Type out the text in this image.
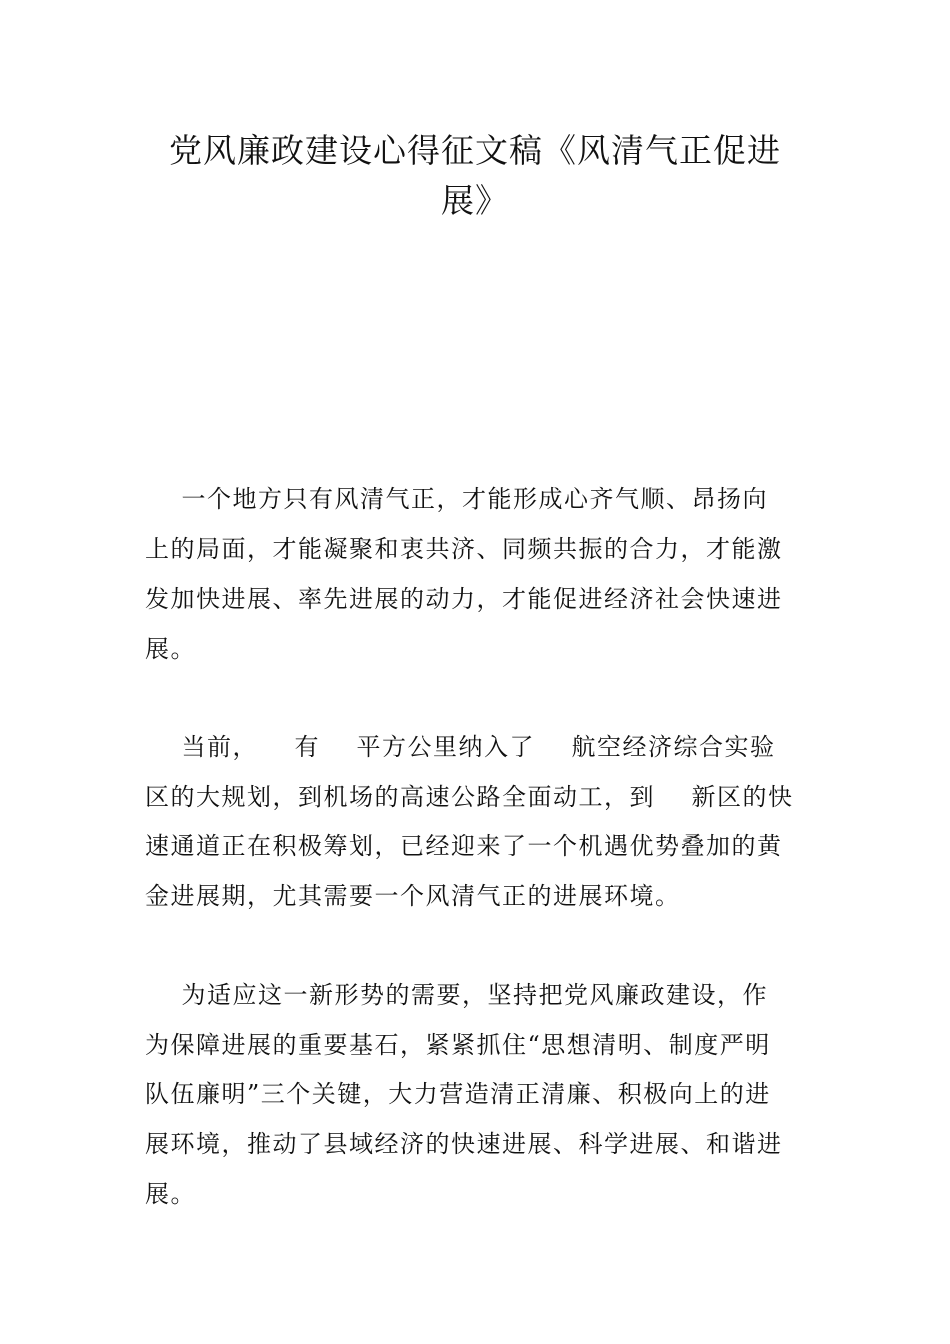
党风廉政建设心得征文稿《风清气正促进
展》
一个地方只有风清气正，才能形成心齐气顺、昂扬向
上的局面，才能凝聚和衷共济、同频共振的合力，才能激
发加快进展、率先进展的动力，才能促进经济社会快速进
展。
当前，    有    平方公里纳入了    航空经济综合实验
区的大规划，到机场的高速公路全面动工，到    新区的快
速通道正在积极筹划，已经迎来了一个机遇优势叠加的黄
金进展期，尤其需要一个风清气正的进展环境。
为适应这一新形势的需要，坚持把党风廉政建设，作
为保障进展的重要基石，紧紧抓住“思想清明、制度严明
队伍廉明”三个关键，大力营造清正清廉、积极向上的进
展环境，推动了县域经济的快速进展、科学进展、和谐进
展。
